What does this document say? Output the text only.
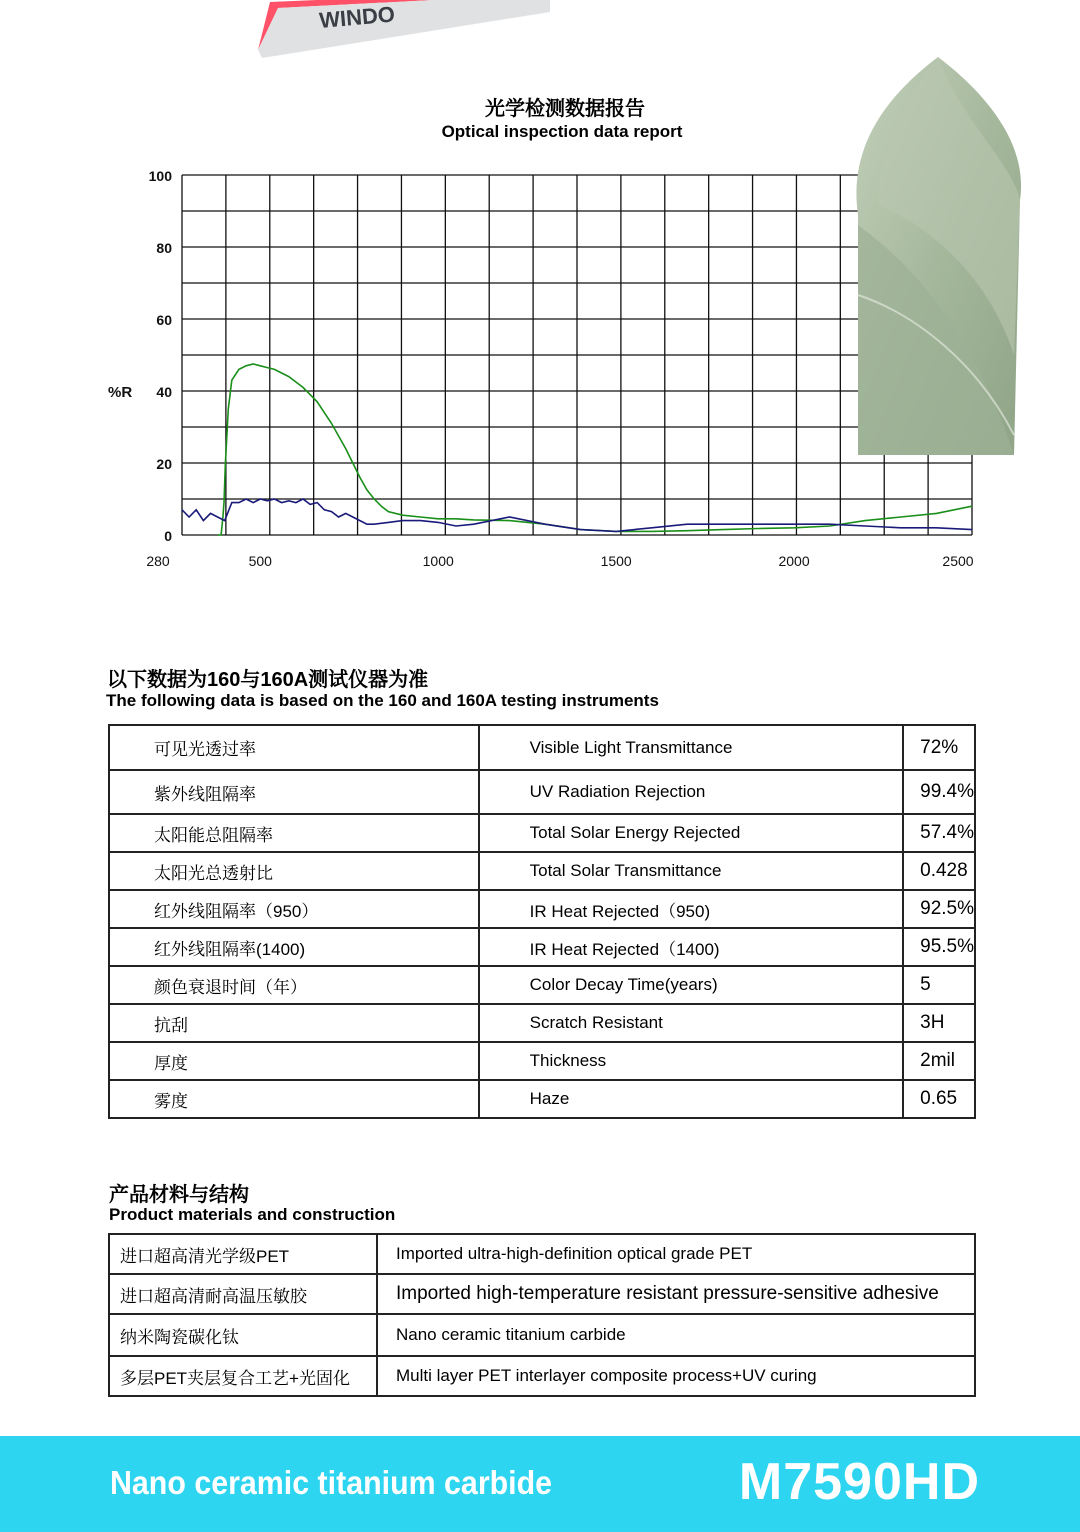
WINDO
光学检测数据报告
Optical inspection data report
100
80
60
40
20
0
%R
280	500	1000	1500	2000	2500
以下数据为160与160A测试仪器为准
The following data is based on the 160 and 160A testing instruments
可见光透过率	Visible Light Transmittance	72%
紫外线阻隔率	UV Radiation Rejection	99.4%
太阳能总阻隔率	Total Solar Energy Rejected	57.4%
太阳光总透射比	Total Solar Transmittance	0.428
红外线阻隔率（950）	IR Heat Rejected（950)	92.5%
红外线阻隔率(1400)	IR Heat Rejected（1400)	95.5%
颜色衰退时间（年）	Color Decay Time(years)	5
抗刮	Scratch Resistant	3H
厚度	Thickness	2mil
雾度	Haze	0.65
产品材料与结构
Product materials and construction
进口超高清光学级PET	Imported ultra-high-definition optical grade PET
进口超高清耐高温压敏胶	Imported high-temperature resistant pressure-sensitive adhesive
纳米陶瓷碳化钛	Nano ceramic titanium carbide
多层PET夹层复合工艺+光固化	Multi layer PET interlayer composite process+UV curing
Nano ceramic titanium carbide	M7590HD
